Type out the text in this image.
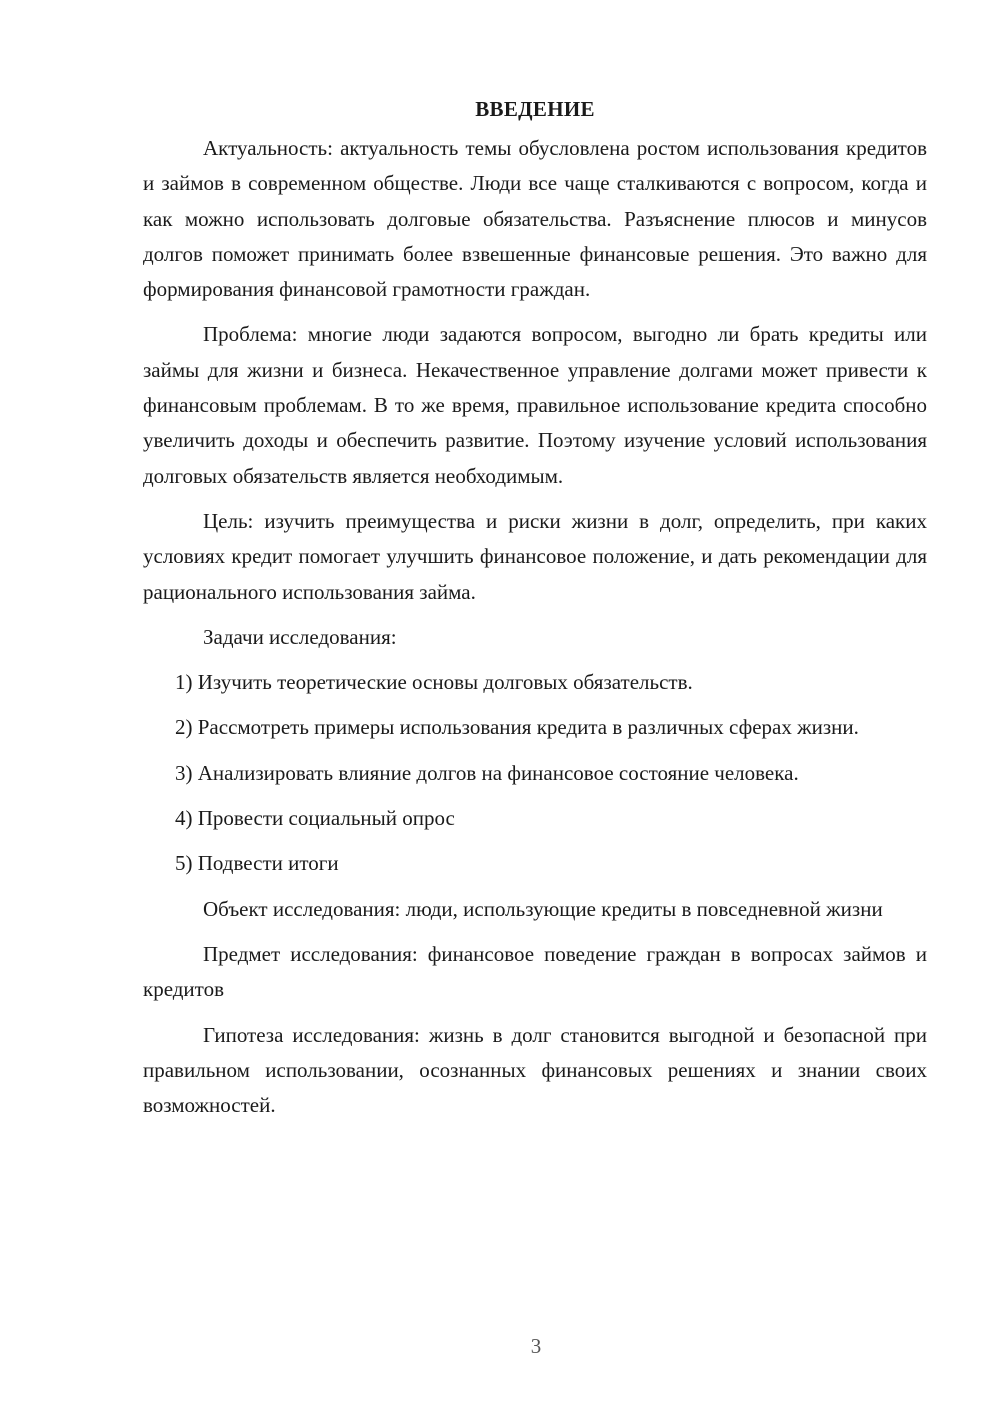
ВВЕДЕНИЕ

Актуальность: актуальность темы обусловлена ростом использования кредитов и займов в современном обществе. Люди все чаще сталкиваются с вопросом, когда и как можно использовать долговые обязательства. Разъяснение плюсов и минусов долгов поможет принимать более взвешенные финансовые решения. Это важно для формирования финансовой грамотности граждан.

Проблема: многие люди задаются вопросом, выгодно ли брать кредиты или займы для жизни и бизнеса. Некачественное управление долгами может привести к финансовым проблемам. В то же время, правильное использование кредита способно увеличить доходы и обеспечить развитие. Поэтому изучение условий использования долговых обязательств является необходимым.

Цель: изучить преимущества и риски жизни в долг, определить, при каких условиях кредит помогает улучшить финансовое положение, и дать рекомендации для рационального использования займа.

Задачи исследования:

1) Изучить теоретические основы долговых обязательств.

2) Рассмотреть примеры использования кредита в различных сферах жизни.

3) Анализировать влияние долгов на финансовое состояние человека.

4) Провести социальный опрос

5) Подвести итоги

Объект исследования: люди, использующие кредиты в повседневной жизни

Предмет исследования: финансовое поведение граждан в вопросах займов и кредитов

Гипотеза исследования: жизнь в долг становится выгодной и безопасной при правильном использовании, осознанных финансовых решениях и знании своих возможностей.

3
